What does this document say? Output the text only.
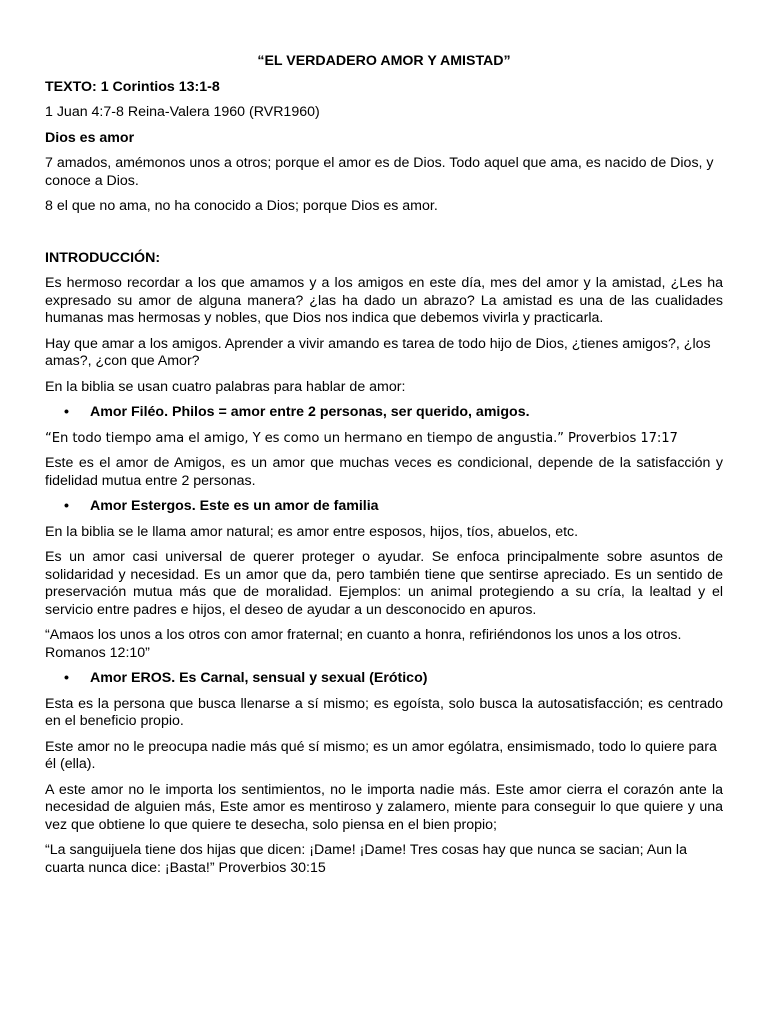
“EL VERDADERO AMOR Y AMISTAD”
TEXTO: 1 Corintios 13:1-8
1 Juan 4:7-8 Reina-Valera 1960 (RVR1960)
Dios es amor
7 amados, amémonos unos a otros; porque el amor es de Dios. Todo aquel que ama, es nacido de Dios, y conoce a Dios.
8 el que no ama, no ha conocido a Dios; porque Dios es amor.
INTRODUCCIÓN:
Es hermoso recordar a los que amamos y a los amigos en este día, mes del amor y la amistad, ¿Les ha expresado su amor de alguna manera? ¿las ha dado un abrazo? La amistad es una de las cualidades humanas mas hermosas y nobles, que Dios nos indica que debemos vivirla y practicarla.
Hay que amar a los amigos. Aprender a vivir amando es tarea de todo hijo de Dios, ¿tienes amigos?, ¿los amas?, ¿con que Amor?
En la biblia se usan cuatro palabras para hablar de amor:
• Amor Filéo. Philos = amor entre 2 personas, ser querido, amigos.
“En todo tiempo ama el amigo, Y es como un hermano en tiempo de angustia.” Proverbios 17:17
Este es el amor de Amigos, es un amor que muchas veces es condicional, depende de la satisfacción y fidelidad mutua entre 2 personas.
• Amor Estergos. Este es un amor de familia
En la biblia se le llama amor natural; es amor entre esposos, hijos, tíos, abuelos, etc.
Es un amor casi universal de querer proteger o ayudar. Se enfoca principalmente sobre asuntos de solidaridad y necesidad. Es un amor que da, pero también tiene que sentirse apreciado. Es un sentido de preservación mutua más que de moralidad. Ejemplos: un animal protegiendo a su cría, la lealtad y el servicio entre padres e hijos, el deseo de ayudar a un desconocido en apuros.
“Amaos los unos a los otros con amor fraternal; en cuanto a honra, refiriéndonos los unos a los otros. Romanos 12:10”
• Amor EROS. Es Carnal, sensual y sexual (Erótico)
Esta es la persona que busca llenarse a sí mismo; es egoísta, solo busca la autosatisfacción; es centrado en el beneficio propio.
Este amor no le preocupa nadie más qué sí mismo; es un amor ególatra, ensimismado, todo lo quiere para él (ella).
A este amor no le importa los sentimientos, no le importa nadie más. Este amor cierra el corazón ante la necesidad de alguien más, Este amor es mentiroso y zalamero, miente para conseguir lo que quiere y una vez que obtiene lo que quiere te desecha, solo piensa en el bien propio;
“La sanguijuela tiene dos hijas que dicen: ¡Dame! ¡Dame! Tres cosas hay que nunca se sacian; Aun la cuarta nunca dice: ¡Basta!” Proverbios 30:15
